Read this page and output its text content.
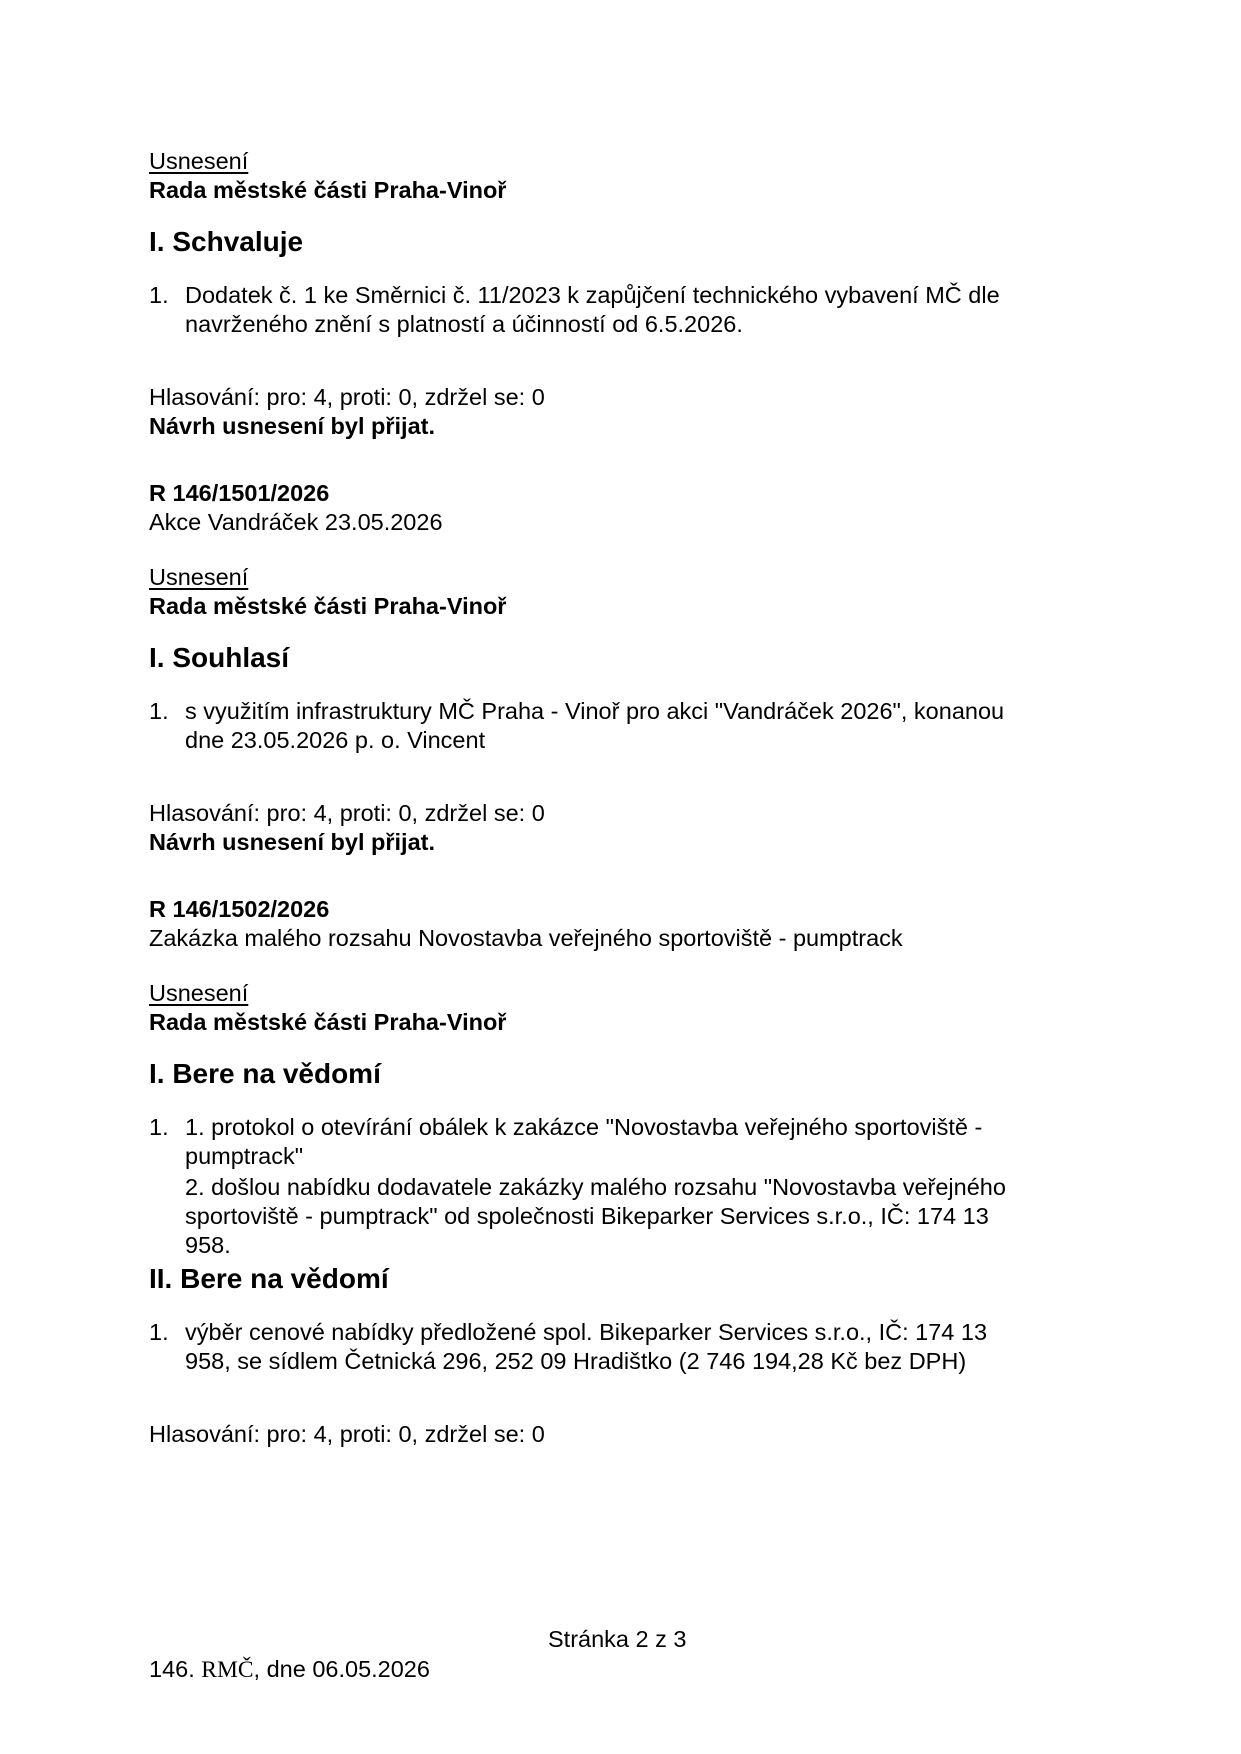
Usnesení
Rada městské části Praha-Vinoř
I. Schvaluje
1. Dodatek č. 1 ke Směrnici č. 11/2023 k zapůjčení technického vybavení MČ dle
navrženého znění s platností a účinností od 6.5.2026.
Hlasování: pro: 4, proti: 0, zdržel se: 0
Návrh usnesení byl přijat.
R 146/1501/2026
Akce Vandráček 23.05.2026
Usnesení
Rada městské části Praha-Vinoř
I. Souhlasí
1. s využitím infrastruktury MČ Praha - Vinoř pro akci "Vandráček 2026", konanou
dne 23.05.2026 p. o. Vincent
Hlasování: pro: 4, proti: 0, zdržel se: 0
Návrh usnesení byl přijat.
R 146/1502/2026
Zakázka malého rozsahu Novostavba veřejného sportoviště - pumptrack
Usnesení
Rada městské části Praha-Vinoř
I. Bere na vědomí
1. 1. protokol o otevírání obálek k zakázce "Novostavba veřejného sportoviště -
pumptrack"
2. došlou nabídku dodavatele zakázky malého rozsahu "Novostavba veřejného
sportoviště - pumptrack" od společnosti Bikeparker Services s.r.o., IČ: 174 13
958.
II. Bere na vědomí
1. výběr cenové nabídky předložené spol. Bikeparker Services s.r.o., IČ: 174 13
958, se sídlem Četnická 296, 252 09 Hradištko (2 746 194,28 Kč bez DPH)
Hlasování: pro: 4, proti: 0, zdržel se: 0
Stránka 2 z 3
146. RMČ, dne 06.05.2026
